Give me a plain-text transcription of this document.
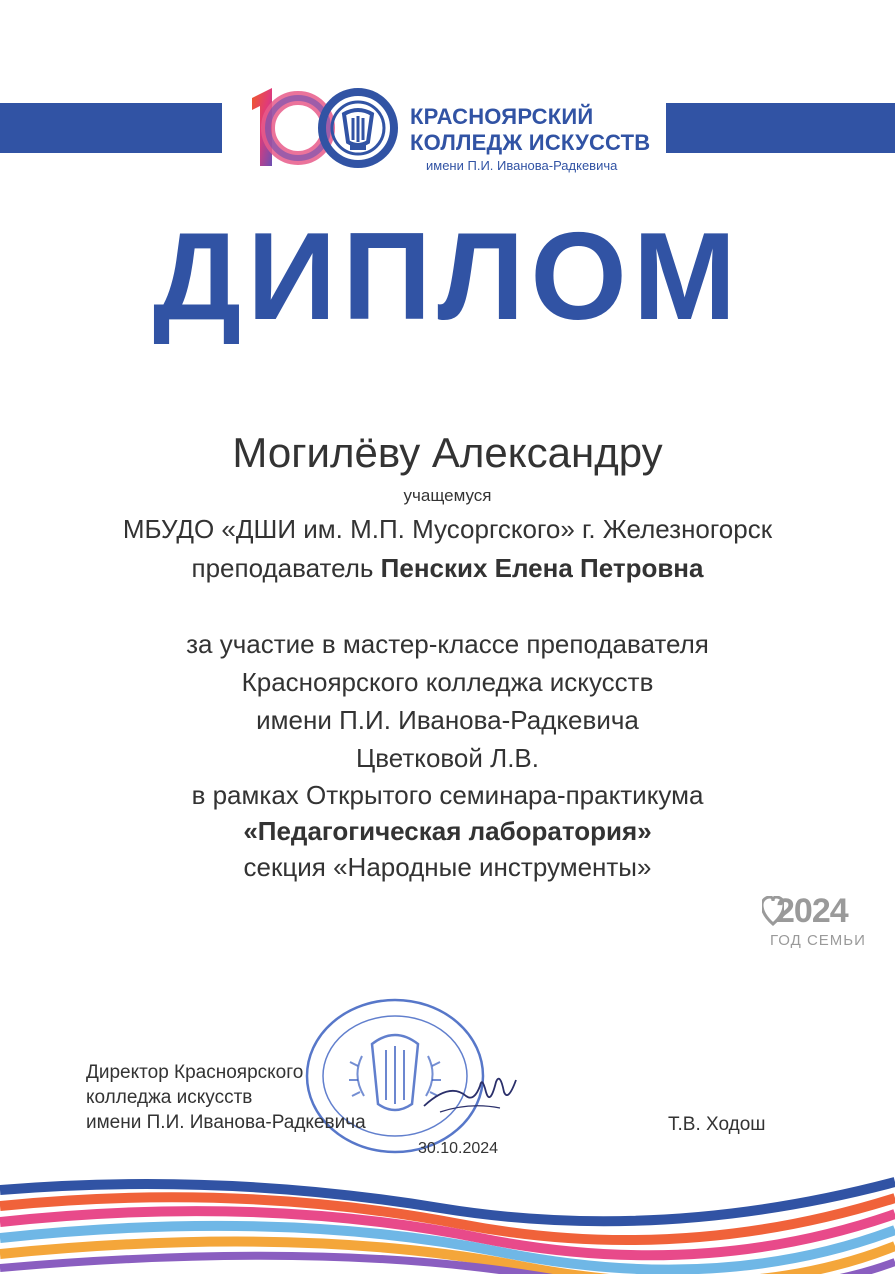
КРАСНОЯРСКИЙ
КОЛЛЕДЖ ИСКУССТВ
имени П.И. Иванова-Радкевича
ДИПЛОМ
Могилёву Александру
учащемуся
МБУДО «ДШИ им. М.П. Мусоргского» г. Железногорск
преподаватель Пенских Елена Петровна
за участие в мастер-классе преподавателя
Красноярского колледжа искусств
имени П.И. Иванова-Радкевича
Цветковой Л.В.
в рамках Открытого семинара-практикума
«Педагогическая лаборатория»
секция «Народные инструменты»
2024
ГОД СЕМЬИ
Директор Красноярского
колледжа искусств
имени П.И. Иванова-Радкевича	Т.В. Ходош
30.10.2024
